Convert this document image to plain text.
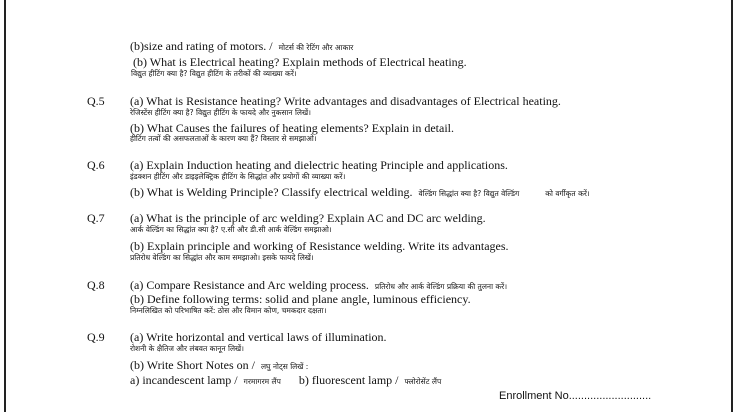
(b)size and rating of motors. / मोटर्स की रेटिंग और आकार
(b) What is Electrical heating? Explain methods of Electrical heating.
विद्युत हीटिंग क्या है? विद्युत हीटिंग के तरीकों की व्याख्या करें।
Q.5 (a) What is Resistance heating? Write advantages and disadvantages of Electrical heating.
रेजिस्टेंस हीटिंग क्या है? विद्युत हीटिंग के फायदे और नुकसान लिखें।
(b) What Causes the failures of heating elements? Explain in detail.
हीटिंग तत्वों की असफलताओं के कारण क्या हैं? विस्तार से समझाओ।
Q.6 (a) Explain Induction heating and dielectric heating Principle and applications.
इंडक्शन हीटिंग और डाइइलेक्ट्रिक हीटिंग के सिद्धांत और प्रयोगों की व्याख्या करें।
(b) What is Welding Principle? Classify electrical welding. वेल्डिंग सिद्धांत क्या है? विद्युत वेल्डिंग	को वर्गीकृत करें।
Q.7 (a) What is the principle of arc welding? Explain AC and DC arc welding.
आर्क वेल्डिंग का सिद्धांत क्या है? ए.सी और डी.सी आर्क वेल्डिंग समझाओ।
(b) Explain principle and working of Resistance welding. Write its advantages.
प्रतिरोध वेल्डिंग का सिद्धांत और काम समझाओ। इसके फायदे लिखें।
Q.8 (a) Compare Resistance and Arc welding process. प्रतिरोध और आर्क वेल्डिंग प्रक्रिया की तुलना करें।
(b) Define following terms: solid and plane angle, luminous efficiency.
निम्नलिखित को परिभाषित करें: ठोस और विमान कोण, चमकदार दक्षता।
Q.9 (a) Write horizontal and vertical laws of illumination.
रोशनी के क्षैतिज और लंबवत कानून लिखें।
(b) Write Short Notes on / लघु नोट्स लिखें :
a) incandescent lamp / गरमागरम लैंप b) fluorescent lamp / फ्लोरोसेंट लैंप
Enrollment No...........................
